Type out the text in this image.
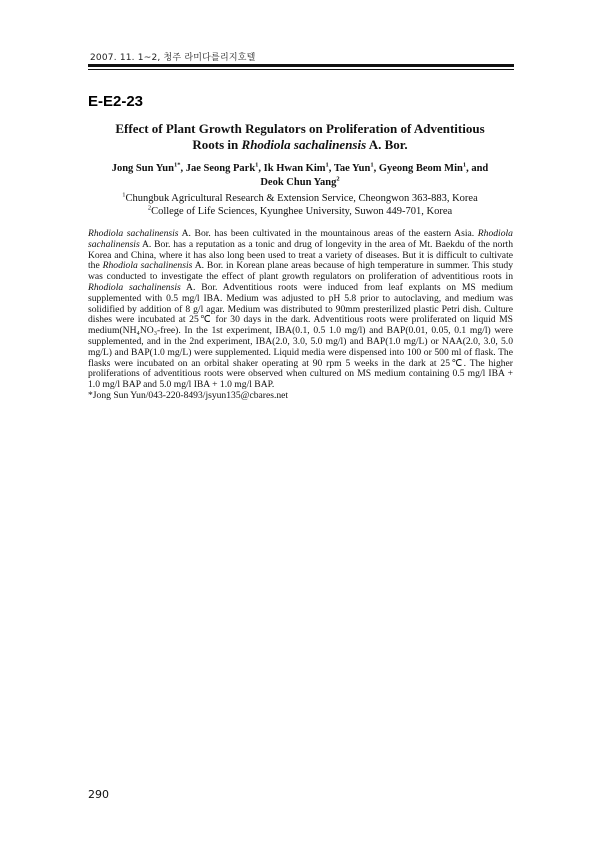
2007. 11. 1~2, 청주 라미다를리지호텔
E-E2-23
Effect of Plant Growth Regulators on Proliferation of Adventitious
Roots in Rhodiola sachalinensis A. Bor.
Jong Sun Yun$^{1*}$, Jae Seong Park$^1$, Ik Hwan Kim$^1$, Tae Yun$^1$, Gyeong Beom Min$^1$, and
Deok Chun Yang$^2$
$^1$Chungbuk Agricultural Research & Extension Service, Cheongwon 363-883, Korea
$^2$College of Life Sciences, Kyunghee University, Suwon 449-701, Korea

Rhodiola sachalinensis A. Bor. has been cultivated in the mountainous areas of the eastern Asia. Rhodiola sachalinensis A. Bor. has a reputation as a tonic and drug of longevity in the area of Mt. Baekdu of the north Korea and China, where it has also long been used to treat a variety of diseases. But it is difficult to cultivate the Rhodiola sachalinensis A. Bor. in Korean plane areas because of high temperature in summer. This study was conducted to investigate the effect of plant growth regulators on proliferation of adventitious roots in Rhodiola sachalinensis A. Bor. Adventitious roots were induced from leaf explants on MS medium supplemented with 0.5 mg/l IBA. Medium was adjusted to pH 5.8 prior to autoclaving, and medium was solidified by addition of 8 g/l agar. Medium was distributed to 90mm presterilized plastic Petri dish. Culture dishes were incubated at 25℃ for 30 days in the dark. Adventitious roots were proliferated on liquid MS medium(NH₄NO₃-free). In the 1st experiment, IBA(0.1, 0.5 1.0 mg/l) and BAP(0.01, 0.05, 0.1 mg/l) were supplemented, and in the 2nd experiment, IBA(2.0, 3.0, 5.0 mg/l) and BAP(1.0 mg/L) or NAA(2.0, 3.0, 5.0 mg/L) and BAP(1.0 mg/L) were supplemented. Liquid media were dispensed into 100 or 500 ml of flask. The flasks were incubated on an orbital shaker operating at 90 rpm 5 weeks in the dark at 25℃. The higher proliferations of adventitious roots were observed when cultured on MS medium containing 0.5 mg/l IBA + 1.0 mg/l BAP and 5.0 mg/l IBA + 1.0 mg/l BAP.

*Jong Sun Yun/043-220-8493/jsyun135@cbares.net

290
